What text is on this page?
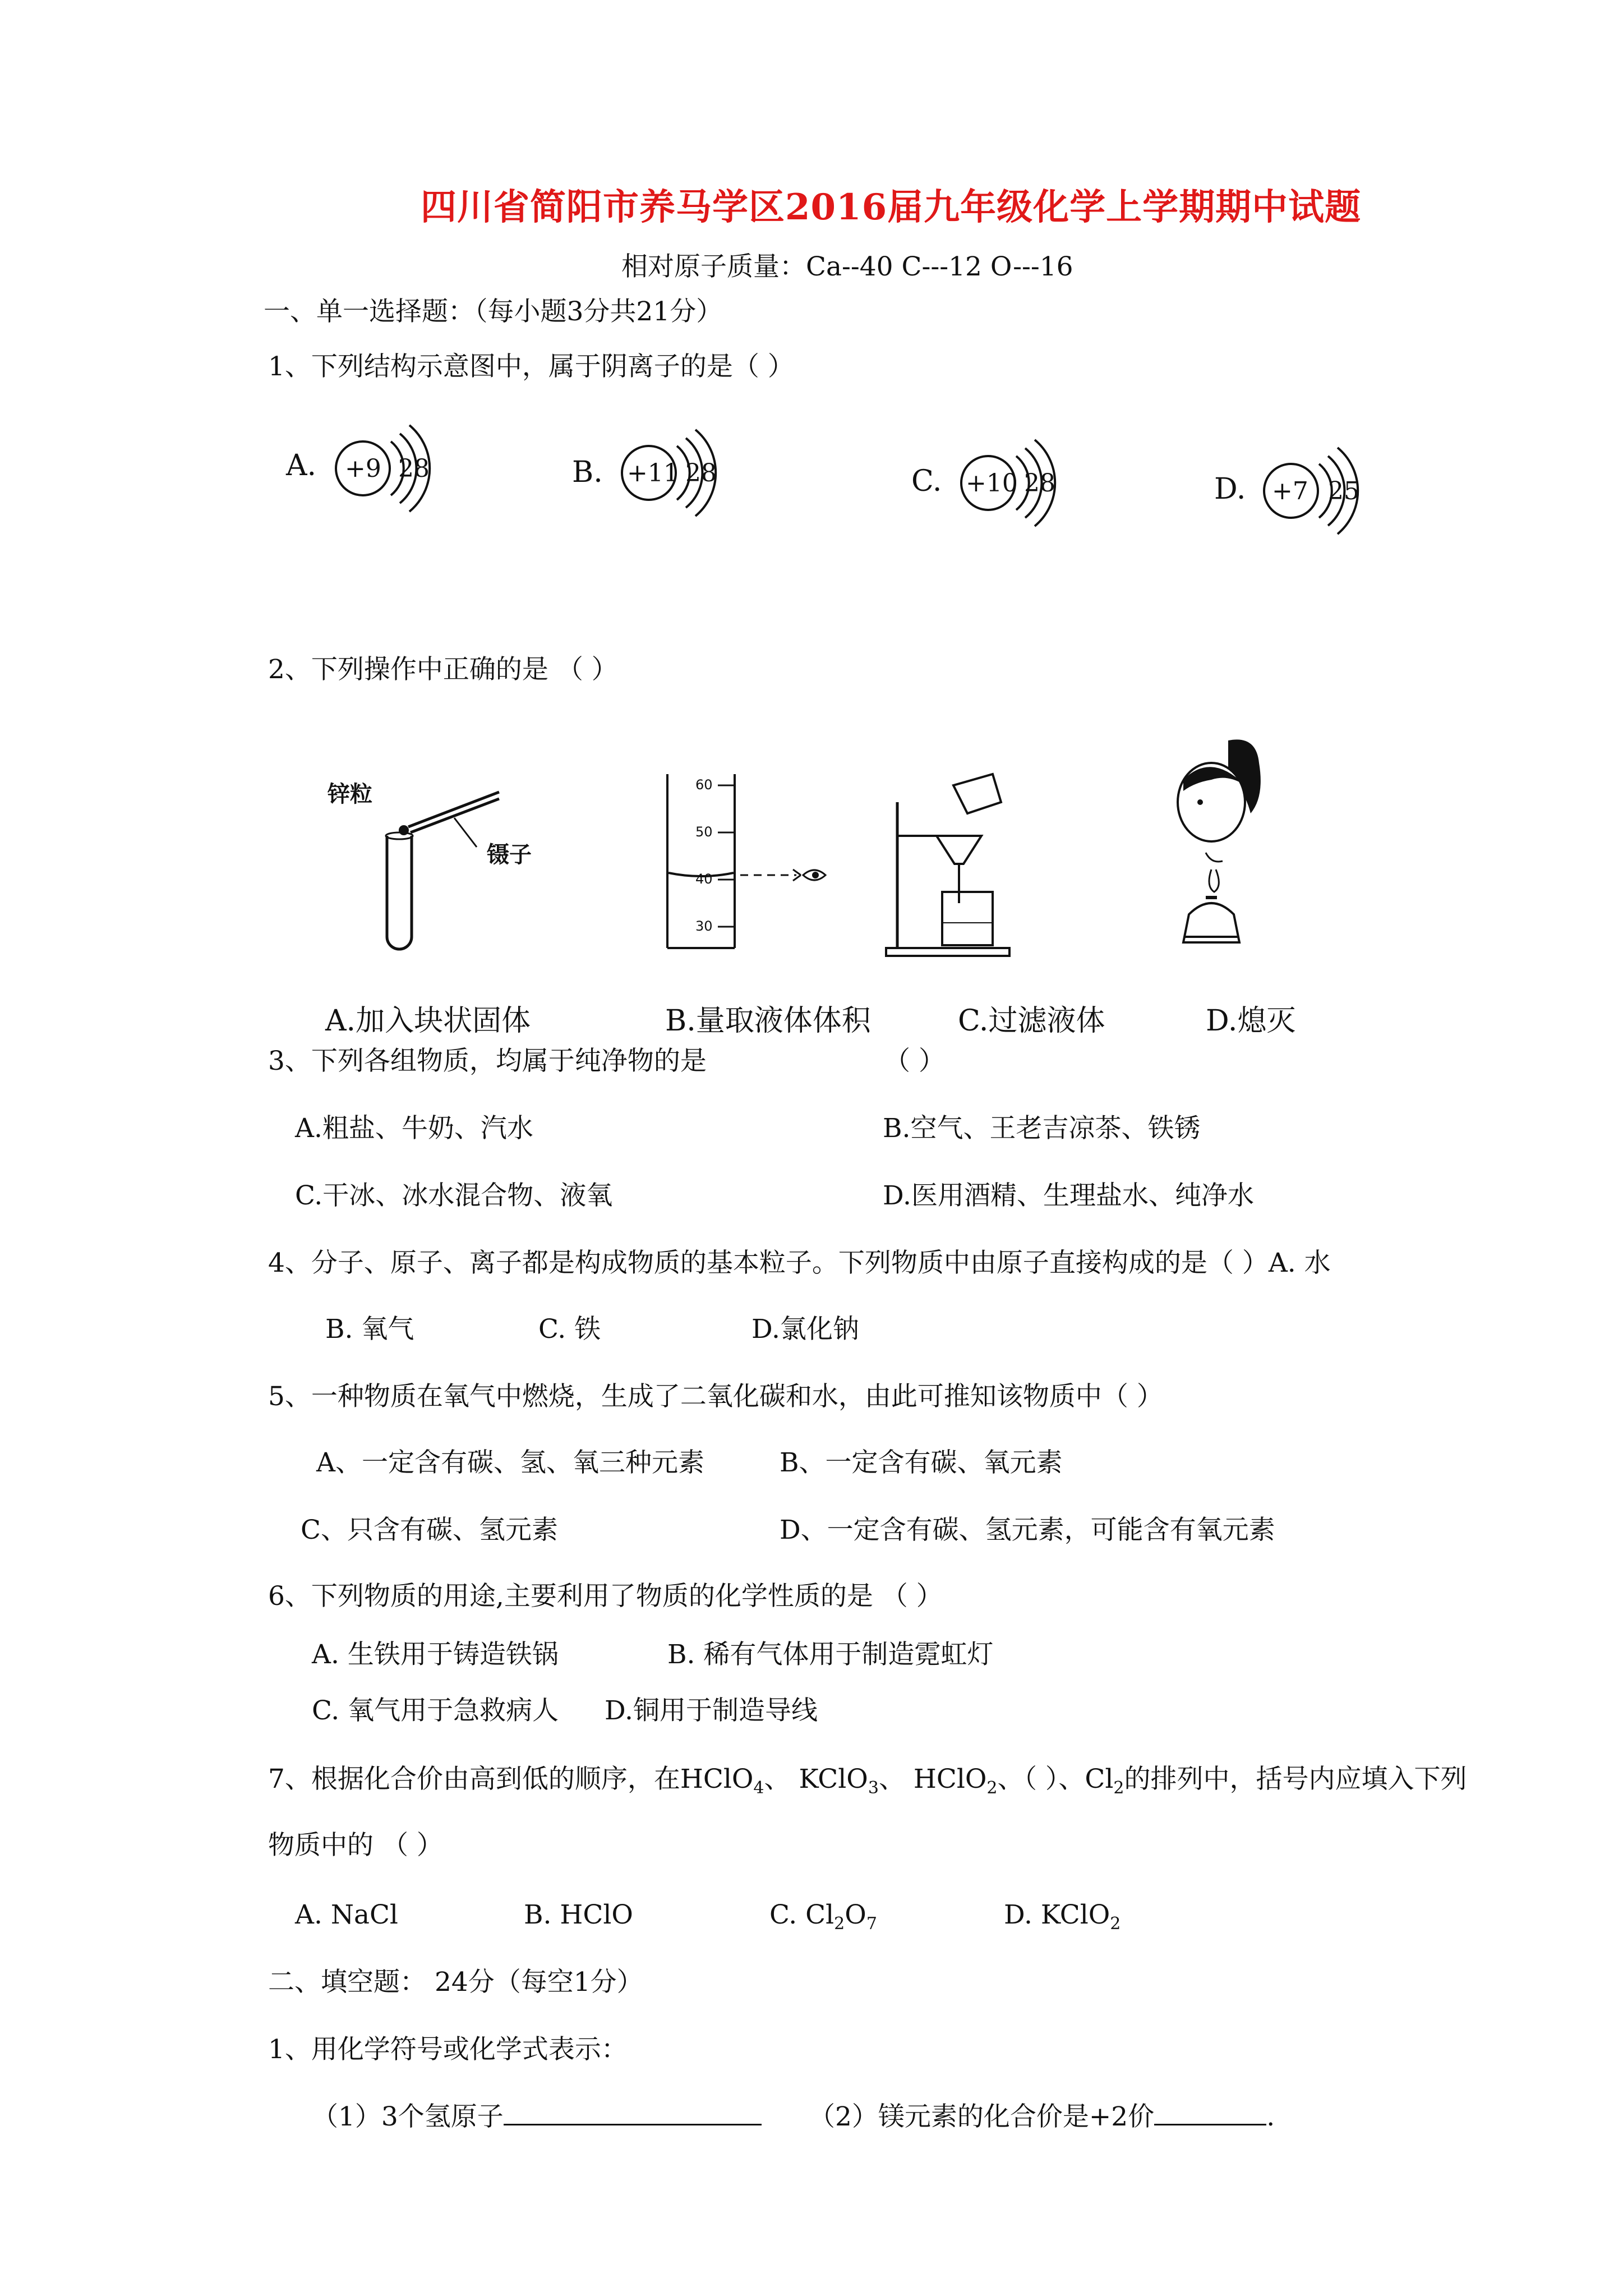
四川省简阳市养马学区2016届九年级化学上学期期中试题
相对原子质量：Ca--40 C---12 O---16
一、单一选择题：（每小题3分共21分）
1、下列结构示意图中，属于阴离子的是（ ）
A. +9 28	B. +11 28	C. +10 28	D. +7 25
2、下列操作中正确的是 （ ）
锌粒
镊子
60
50
40
30
A.加入块状固体	B.量取液体体积	C.过滤液体	D.熄灭
3、下列各组物质，均属于纯净物的是	（ ）
A.粗盐、牛奶、汽水	B.空气、王老吉凉茶、铁锈
C.干冰、冰水混合物、液氧	D.医用酒精、生理盐水、纯净水
4、分子、原子、离子都是构成物质的基本粒子。下列物质中由原子直接构成的是（ ）A. 水
B. 氧气	C. 铁	D.氯化钠
5、一种物质在氧气中燃烧，生成了二氧化碳和水，由此可推知该物质中（ ）
A、一定含有碳、氢、氧三种元素	B、一定含有碳、氧元素
C、只含有碳、氢元素	D、一定含有碳、氢元素，可能含有氧元素
6、下列物质的用途,主要利用了物质的化学性质的是 （ ）
A. 生铁用于铸造铁锅	B. 稀有气体用于制造霓虹灯
C. 氧气用于急救病人 D.铜用于制造导线
7、根据化合价由高到低的顺序，在HClO$_4$、 KClO$_3$、 HClO$_2$、（ ）、$Cl_2$的排列中，括号内应填入下列
物质中的 （ ）
A. NaCl	B. HClO	C. $Cl_2O_7$	D. KClO$_2$
二、填空题： 24分（每空1分）
1、用化学符号或化学式表示：
（1）3个氢原子	（2）镁元素的化合价是+2价	.
